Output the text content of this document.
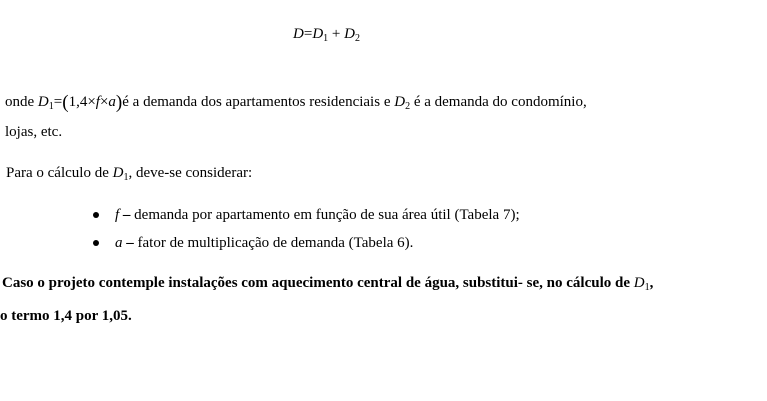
$D=D_1 + D_2$
onde $D_1=(1,4\times f\times a)é$ a demanda dos apartamentos residenciais e $D_2$ é a demanda do condomínio,
lojas, etc.
Para o cálculo de $D_1$, deve-se considerar:
f – demanda por apartamento em função de sua área útil (Tabela 7);
a – fator de multiplicação de demanda (Tabela 6).
Caso o projeto contemple instalações com aquecimento central de água, substitui- se, no cálculo de $D_1$,
o termo 1,4 por 1,05.
